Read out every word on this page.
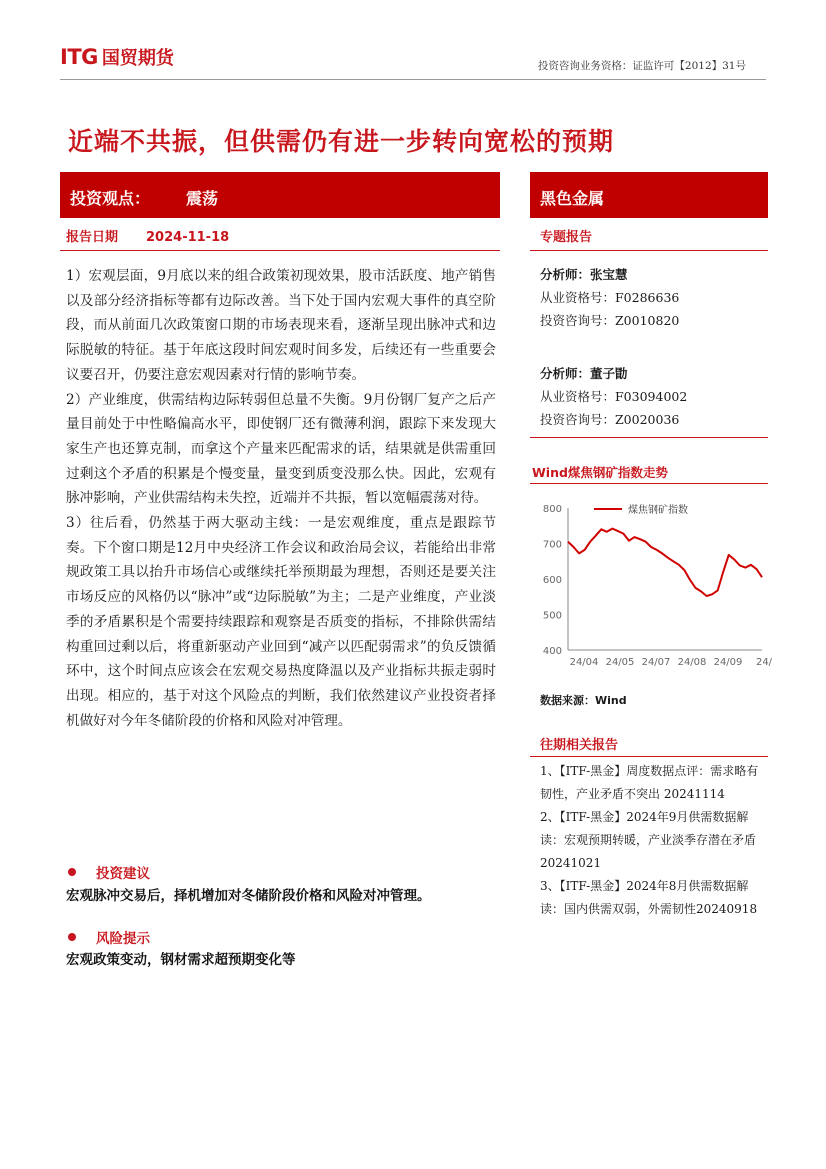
ITG 国贸期货	投资咨询业务资格：证监许可【2012】31号
近端不共振，但供需仍有进一步转向宽松的预期
投资观点： 震荡	黑色金属
报告日期 2024-11-18	专题报告

1）宏观层面，9月底以来的组合政策初现效果，股市活跃度、地产销售以及部分经济指标等都有边际改善。当下处于国内宏观大事件的真空阶段，而从前面几次政策窗口期的市场表现来看，逐渐呈现出脉冲式和边际脱敏的特征。基于年底这段时间宏观时间多发，后续还有一些重要会议要召开，仍要注意宏观因素对行情的影响节奏。

2）产业维度，供需结构边际转弱但总量不失衡。9月份钢厂复产之后产量目前处于中性略偏高水平，即使钢厂还有微薄利润，跟踪下来发现大家生产也还算克制，而拿这个产量来匹配需求的话，结果就是供需重回过剩这个矛盾的积累是个慢变量，量变到质变没那么快。因此，宏观有脉冲影响，产业供需结构未失控，近端并不共振，暂以宽幅震荡对待。

3）往后看，仍然基于两大驱动主线：一是宏观维度，重点是跟踪节奏。下个窗口期是12月中央经济工作会议和政治局会议，若能给出非常规政策工具以抬升市场信心或继续托举预期最为理想，否则还是要关注市场反应的风格仍以“脉冲”或“边际脱敏”为主；二是产业维度，产业淡季的矛盾累积是个需要持续跟踪和观察是否质变的指标，不排除供需结构重回过剩以后，将重新驱动产业回到“减产以匹配弱需求”的负反馈循环中，这个时间点应该会在宏观交易热度降温以及产业指标共振走弱时出现。相应的，基于对这个风险点的判断，我们依然建议产业投资者择机做好对今年冬储阶段的价格和风险对冲管理。

投资建议
宏观脉冲交易后，择机增加对冬储阶段价格和风险对冲管理。
风险提示
宏观政策变动，钢材需求超预期变化等
分析师：张宝慧
从业资格号：F0286636
投资咨询号：Z0010820
分析师：董子勖
从业资格号：F03094002
投资咨询号：Z0020036
Wind煤焦钢矿指数走势
400
500
600
700
800
24/04 24/05 24/07 24/08 24/09 24/
煤焦钢矿指数
数据来源：Wind
往期相关报告

1、【ITF-黑金】周度数据点评：需求略有韧性，产业矛盾不突出 20241114

2、【ITF-黑金】2024年9月供需数据解读：宏观预期转暖，产业淡季存潜在矛盾 20241021

3、【ITF-黑金】2024年8月供需数据解读：国内供需双弱，外需韧性20240918
